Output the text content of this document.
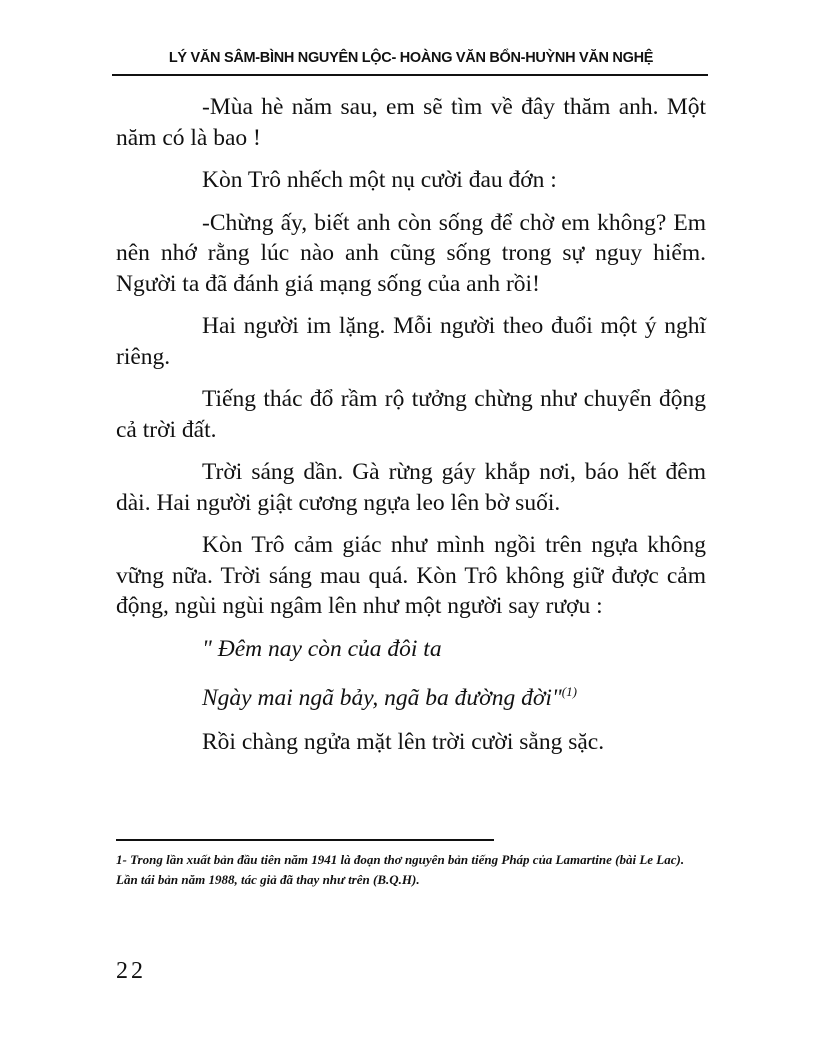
LÝ VĂN SÂM-BÌNH NGUYÊN LỘC- HOÀNG VĂN BỔN-HUỲNH VĂN NGHỆ

-Mùa hè năm sau, em sẽ tìm về đây thăm anh. Một năm có là bao !

Kòn Trô nhếch một nụ cười đau đớn :

-Chừng ấy, biết anh còn sống để chờ em không? Em nên nhớ rằng lúc nào anh cũng sống trong sự nguy hiểm. Người ta đã đánh giá mạng sống của anh rồi!

Hai người im lặng. Mỗi người theo đuổi một ý nghĩ riêng.

Tiếng thác đổ rầm rộ tưởng chừng như chuyển động cả trời đất.

Trời sáng dần. Gà rừng gáy khắp nơi, báo hết đêm dài. Hai người giật cương ngựa leo lên bờ suối.

Kòn Trô cảm giác như mình ngồi trên ngựa không vững nữa. Trời sáng mau quá. Kòn Trô không giữ được cảm động, ngùi ngùi ngâm lên như một người say rượu :

" Đêm nay còn của đôi ta

Ngày mai ngã bảy, ngã ba đường đời"$^{(1)}$

Rồi chàng ngửa mặt lên trời cười sằng sặc.

1- Trong lần xuất bản đầu tiên năm 1941 là đoạn thơ nguyên bản tiếng Pháp của Lamartine (bài Le Lac). Lần tái bản năm 1988, tác giả đã thay như trên (B.Q.H).
22
